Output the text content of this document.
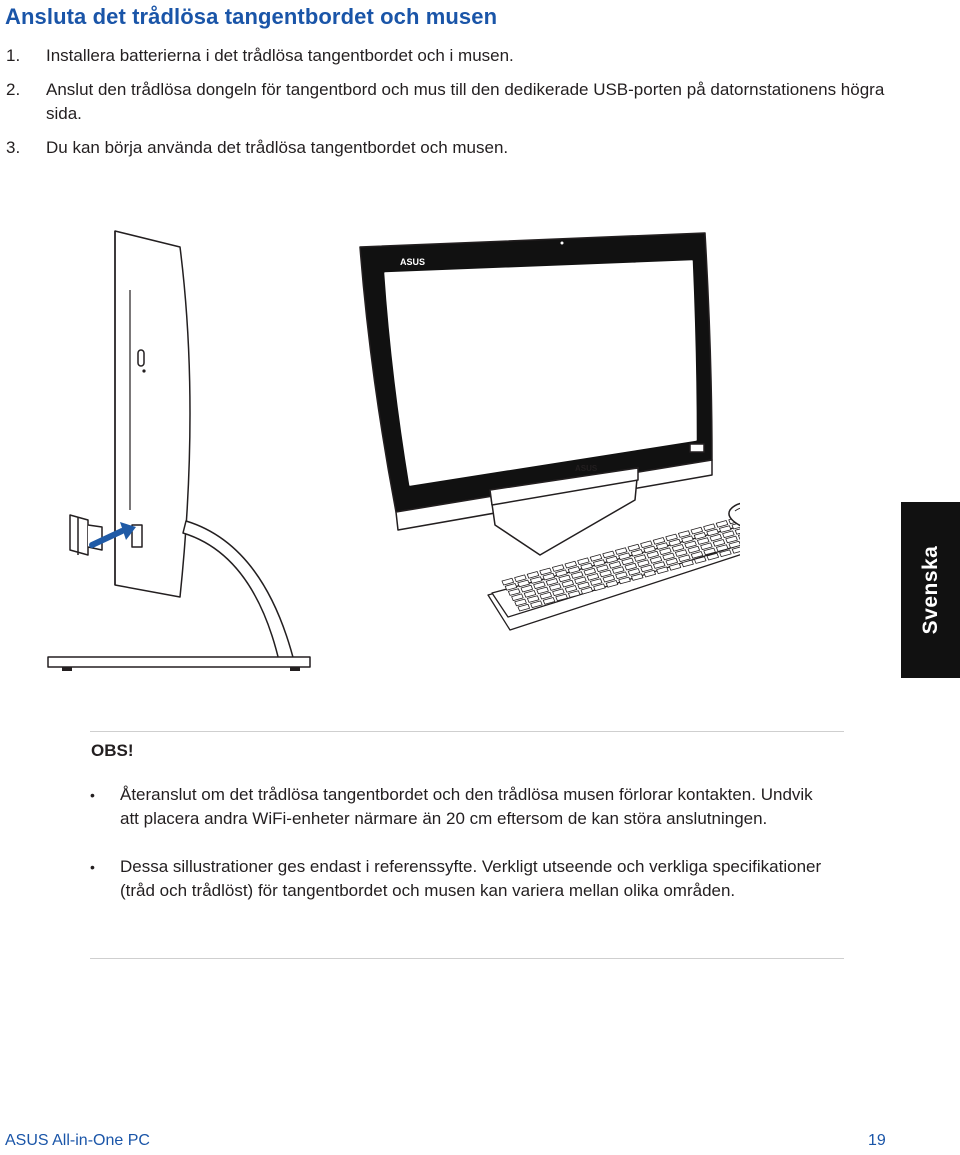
Ansluta det trådlösa tangentbordet och musen
1. Installera batterierna i det trådlösa tangentbordet och i musen.
2. Anslut den trådlösa dongeln för tangentbord och mus till den dedikerade USB-porten på datornstationens högra sida.
3. Du kan börja använda det trådlösa tangentbordet och musen.
ASUS
ASUS
Svenska
OBS!
• Återanslut om det trådlösa tangentbordet och den trådlösa musen förlorar kontakten. Undvik att placera andra WiFi-enheter närmare än 20 cm eftersom de kan störa anslutningen.
• Dessa sillustrationer ges endast i referenssyfte. Verkligt utseende och verkliga specifikationer (tråd och trådlöst) för tangentbordet och musen kan variera mellan olika områden.
ASUS All-in-One PC	19
